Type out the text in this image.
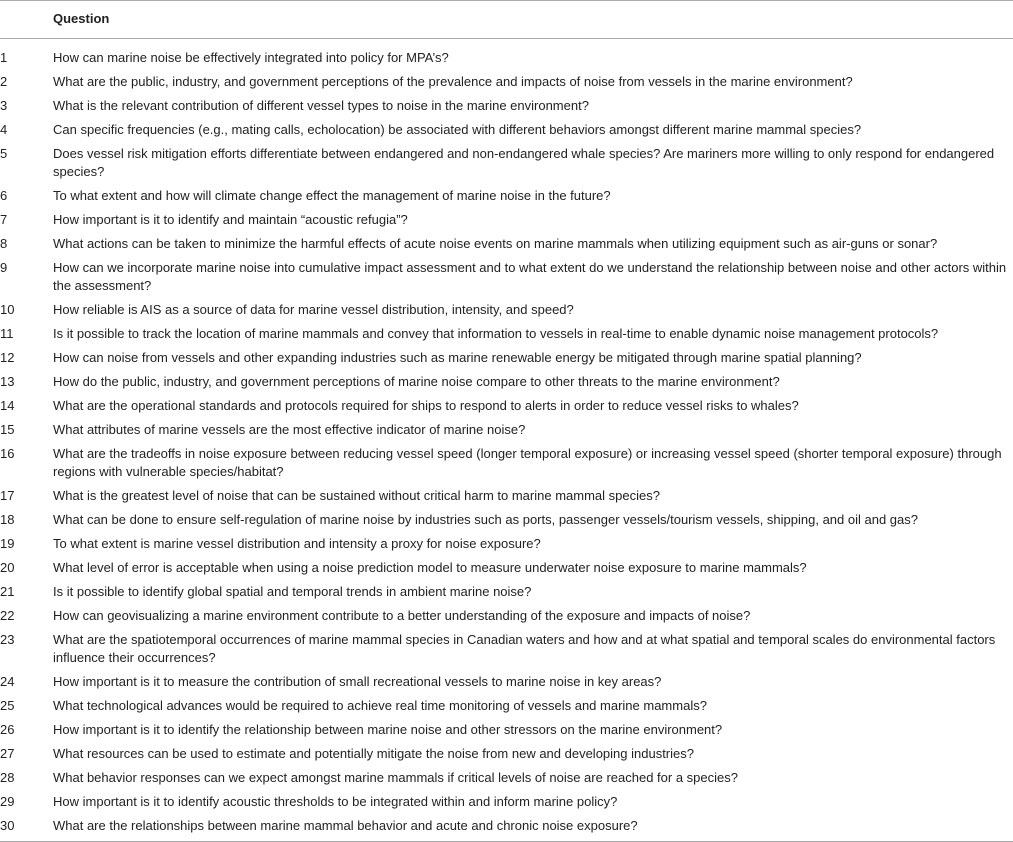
	Question
1	How can marine noise be effectively integrated into policy for MPA’s?
2	What are the public, industry, and government perceptions of the prevalence and impacts of noise from vessels in the marine environment?
3	What is the relevant contribution of different vessel types to noise in the marine environment?
4	Can specific frequencies (e.g., mating calls, echolocation) be associated with different behaviors amongst different marine mammal species?
5	Does vessel risk mitigation efforts differentiate between endangered and non-endangered whale species? Are mariners more willing to only respond for endangered species?
6	To what extent and how will climate change effect the management of marine noise in the future?
7	How important is it to identify and maintain “acoustic refugia”?
8	What actions can be taken to minimize the harmful effects of acute noise events on marine mammals when utilizing equipment such as air-guns or sonar?
9	How can we incorporate marine noise into cumulative impact assessment and to what extent do we understand the relationship between noise and other actors within the assessment?
10	How reliable is AIS as a source of data for marine vessel distribution, intensity, and speed?
11	Is it possible to track the location of marine mammals and convey that information to vessels in real-time to enable dynamic noise management protocols?
12	How can noise from vessels and other expanding industries such as marine renewable energy be mitigated through marine spatial planning?
13	How do the public, industry, and government perceptions of marine noise compare to other threats to the marine environment?
14	What are the operational standards and protocols required for ships to respond to alerts in order to reduce vessel risks to whales?
15	What attributes of marine vessels are the most effective indicator of marine noise?
16	What are the tradeoffs in noise exposure between reducing vessel speed (longer temporal exposure) or increasing vessel speed (shorter temporal exposure) through regions with vulnerable species/habitat?
17	What is the greatest level of noise that can be sustained without critical harm to marine mammal species?
18	What can be done to ensure self-regulation of marine noise by industries such as ports, passenger vessels/tourism vessels, shipping, and oil and gas?
19	To what extent is marine vessel distribution and intensity a proxy for noise exposure?
20	What level of error is acceptable when using a noise prediction model to measure underwater noise exposure to marine mammals?
21	Is it possible to identify global spatial and temporal trends in ambient marine noise?
22	How can geovisualizing a marine environment contribute to a better understanding of the exposure and impacts of noise?
23	What are the spatiotemporal occurrences of marine mammal species in Canadian waters and how and at what spatial and temporal scales do environmental factors influence their occurrences?
24	How important is it to measure the contribution of small recreational vessels to marine noise in key areas?
25	What technological advances would be required to achieve real time monitoring of vessels and marine mammals?
26	How important is it to identify the relationship between marine noise and other stressors on the marine environment?
27	What resources can be used to estimate and potentially mitigate the noise from new and developing industries?
28	What behavior responses can we expect amongst marine mammals if critical levels of noise are reached for a species?
29	How important is it to identify acoustic thresholds to be integrated within and inform marine policy?
30	What are the relationships between marine mammal behavior and acute and chronic noise exposure?
